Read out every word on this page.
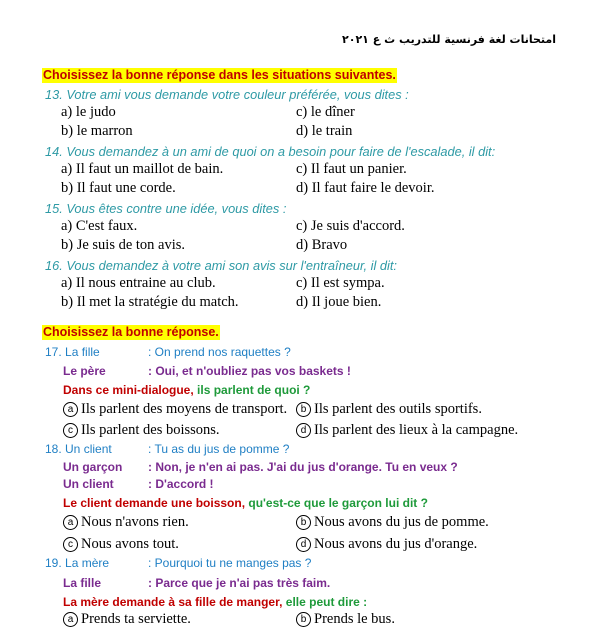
امتحانات لغة فرنسية للتدريب ث ع ٢٠٢١
Choisissez la bonne réponse dans les situations suivantes.
13. Votre ami vous demande votre couleur préférée, vous dites :
a) le judo	c) le dîner
b) le marron	d) le train
14. Vous demandez à un ami de quoi on a besoin pour faire de l'escalade, il dit:
a) Il faut un maillot de bain.	c) Il faut un panier.
b) Il faut une corde.	d) Il faut faire le devoir.
15. Vous êtes contre une idée, vous dites :
a) C'est faux.	c) Je suis d'accord.
b) Je suis de ton avis.	d) Bravo
16. Vous demandez à votre ami son avis sur l'entraîneur, il dit:
a) Il nous entraine au club.	c) Il est sympa.
b) Il met la stratégie du match.	d) Il joue bien.
Choisissez la bonne réponse.
17. La fille	: On prend nos raquettes ?
Le père	: Oui, et n'oubliez pas vos baskets !
Dans ce mini-dialogue, ils parlent de quoi ?
a Ils parlent des moyens de transport.	b Ils parlent des outils sportifs.
c Ils parlent des boissons.	d Ils parlent des lieux à la campagne.
18. Un client	: Tu as du jus de pomme ?
Un garçon : Non, je n'en ai pas. J'ai du jus d'orange. Tu en veux ?
Un client	: D'accord !
Le client demande une boisson, qu'est-ce que le garçon lui dit ?
a Nous n'avons rien.	b Nous avons du jus de pomme.
c Nous avons tout.	d Nous avons du jus d'orange.
19. La mère	: Pourquoi tu ne manges pas ?
La fille	: Parce que je n'ai pas très faim.
La mère demande à sa fille de manger, elle peut dire :
a Prends ta serviette.	b Prends le bus.
